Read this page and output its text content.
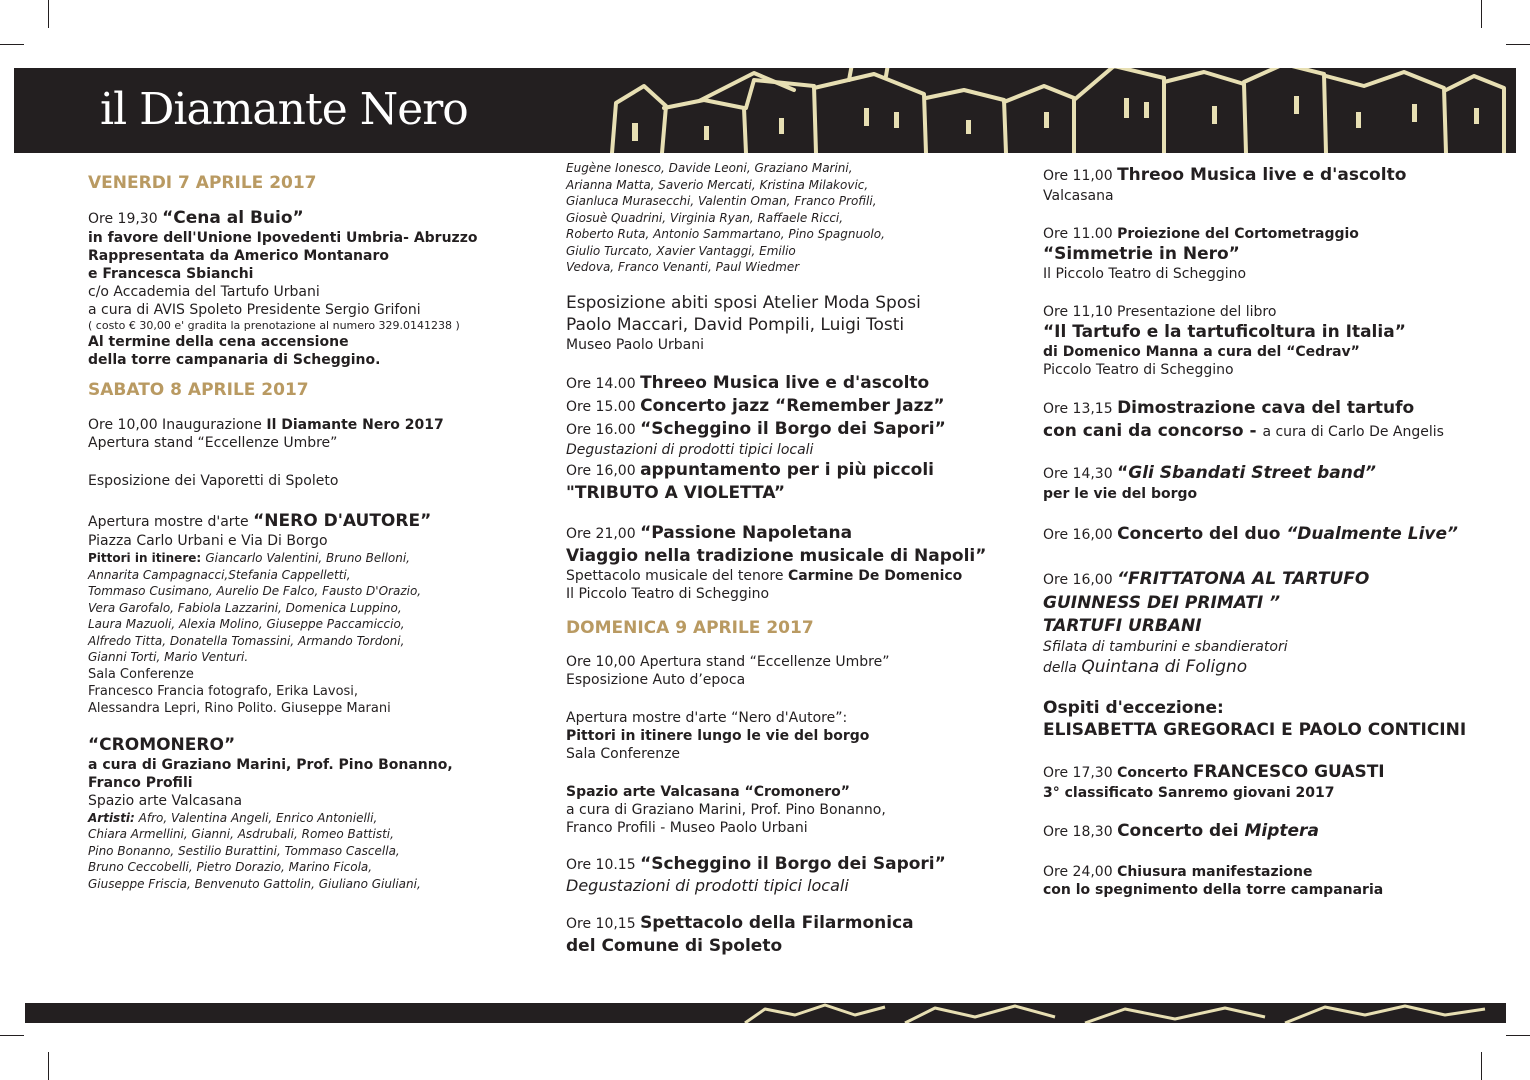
il Diamante Nero
VENERDI 7 APRILE 2017
Ore 19,30 “Cena al Buio”
in favore dell'Unione Ipovedenti Umbria- Abruzzo
Rappresentata da Americo Montanaro
e Francesca Sbianchi
c/o Accademia del Tartufo Urbani
a cura di AVIS Spoleto Presidente Sergio Grifoni
( costo € 30,00 e' gradita la prenotazione al numero 329.0141238 )
Al termine della cena accensione
della torre campanaria di Scheggino.
SABATO 8 APRILE 2017
Ore 10,00 Inaugurazione Il Diamante Nero 2017
Apertura stand “Eccellenze Umbre”
Esposizione dei Vaporetti di Spoleto
Apertura mostre d'arte “NERO D'AUTORE”
Piazza Carlo Urbani e Via Di Borgo
Pittori in itinere: Giancarlo Valentini, Bruno Belloni,
Annarita Campagnacci,Stefania Cappelletti,
Tommaso Cusimano, Aurelio De Falco, Fausto D'Orazio,
Vera Garofalo, Fabiola Lazzarini, Domenica Luppino,
Laura Mazuoli, Alexia Molino, Giuseppe Paccamiccio,
Alfredo Titta, Donatella Tomassini, Armando Tordoni,
Gianni Torti, Mario Venturi.
Sala Conferenze
Francesco Francia fotografo, Erika Lavosi,
Alessandra Lepri, Rino Polito. Giuseppe Marani
“CROMONERO”
a cura di Graziano Marini, Prof. Pino Bonanno,
Franco Profili
Spazio arte Valcasana
Artisti: Afro, Valentina Angeli, Enrico Antonielli,
Chiara Armellini, Gianni, Asdrubali, Romeo Battisti,
Pino Bonanno, Sestilio Burattini, Tommaso Cascella,
Bruno Ceccobelli, Pietro Dorazio, Marino Ficola,
Giuseppe Friscia, Benvenuto Gattolin, Giuliano Giuliani,
Eugène Ionesco, Davide Leoni, Graziano Marini,
Arianna Matta, Saverio Mercati, Kristina Milakovic,
Gianluca Murasecchi, Valentin Oman, Franco Profili,
Giosuè Quadrini, Virginia Ryan, Raffaele Ricci,
Roberto Ruta, Antonio Sammartano, Pino Spagnuolo,
Giulio Turcato, Xavier Vantaggi, Emilio
Vedova, Franco Venanti, Paul Wiedmer
Esposizione abiti sposi Atelier Moda Sposi
Paolo Maccari, David Pompili, Luigi Tosti
Museo Paolo Urbani
Ore 14.00 Threeo Musica live e d'ascolto
Ore 15.00 Concerto jazz “Remember Jazz”
Ore 16.00 “Scheggino il Borgo dei Sapori”
Degustazioni di prodotti tipici locali
Ore 16,00 appuntamento per i più piccoli
"TRIBUTO A VIOLETTA”
Ore 21,00 “Passione Napoletana
Viaggio nella tradizione musicale di Napoli”
Spettacolo musicale del tenore Carmine De Domenico
Il Piccolo Teatro di Scheggino
DOMENICA 9 APRILE 2017
Ore 10,00 Apertura stand “Eccellenze Umbre”
Esposizione Auto d’epoca
Apertura mostre d'arte “Nero d'Autore”:
Pittori in itinere lungo le vie del borgo
Sala Conferenze
Spazio arte Valcasana “Cromonero”
a cura di Graziano Marini, Prof. Pino Bonanno,
Franco Profili - Museo Paolo Urbani
Ore 10.15 “Scheggino il Borgo dei Sapori”
Degustazioni di prodotti tipici locali
Ore 10,15 Spettacolo della Filarmonica
del Comune di Spoleto
Ore 11,00 Threoo Musica live e d'ascolto
Valcasana
Ore 11.00 Proiezione del Cortometraggio
“Simmetrie in Nero”
Il Piccolo Teatro di Scheggino
Ore 11,10 Presentazione del libro
“Il Tartufo e la tartuficoltura in Italia”
di Domenico Manna a cura del “Cedrav”
Piccolo Teatro di Scheggino
Ore 13,15 Dimostrazione cava del tartufo
con cani da concorso - a cura di Carlo De Angelis
Ore 14,30 “Gli Sbandati Street band”
per le vie del borgo
Ore 16,00 Concerto del duo “Dualmente Live”
Ore 16,00 “FRITTATONA AL TARTUFO
GUINNESS DEI PRIMATI ”
TARTUFI URBANI
Sfilata di tamburini e sbandieratori
della Quintana di Foligno
Ospiti d'eccezione:
ELISABETTA GREGORACI E PAOLO CONTICINI
Ore 17,30 Concerto FRANCESCO GUASTI
3° classificato Sanremo giovani 2017
Ore 18,30 Concerto dei Miptera
Ore 24,00 Chiusura manifestazione
con lo spegnimento della torre campanaria
